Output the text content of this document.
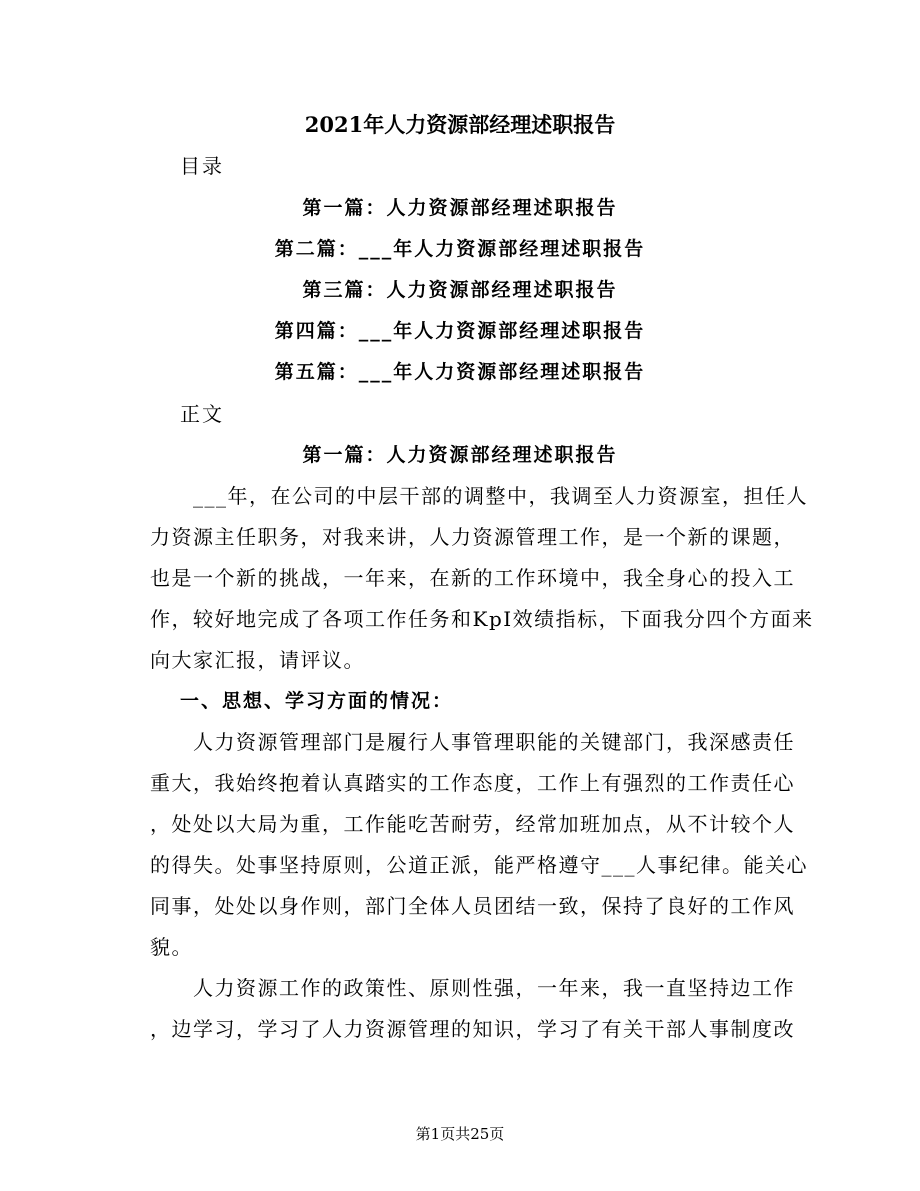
2021年人力资源部经理述职报告
目录
第一篇：人力资源部经理述职报告
第二篇：___年人力资源部经理述职报告
第三篇：人力资源部经理述职报告
第四篇：___年人力资源部经理述职报告
第五篇：___年人力资源部经理述职报告
正文
第一篇：人力资源部经理述职报告
　　___年，在公司的中层干部的调整中，我调至人力资源室，担任人
力资源主任职务，对我来讲，人力资源管理工作，是一个新的课题，
也是一个新的挑战，一年来，在新的工作环境中，我全身心的投入工
作，较好地完成了各项工作任务和KpI效绩指标，下面我分四个方面来
向大家汇报，请评议。
一、思想、学习方面的情况：
　　人力资源管理部门是履行人事管理职能的关键部门，我深感责任
重大，我始终抱着认真踏实的工作态度，工作上有强烈的工作责任心
，处处以大局为重，工作能吃苦耐劳，经常加班加点，从不计较个人
的得失。处事坚持原则，公道正派，能严格遵守___人事纪律。能关心
同事，处处以身作则，部门全体人员团结一致，保持了良好的工作风
貌。
　　人力资源工作的政策性、原则性强，一年来，我一直坚持边工作
，边学习，学习了人力资源管理的知识，学习了有关干部人事制度改
第1页共25页
